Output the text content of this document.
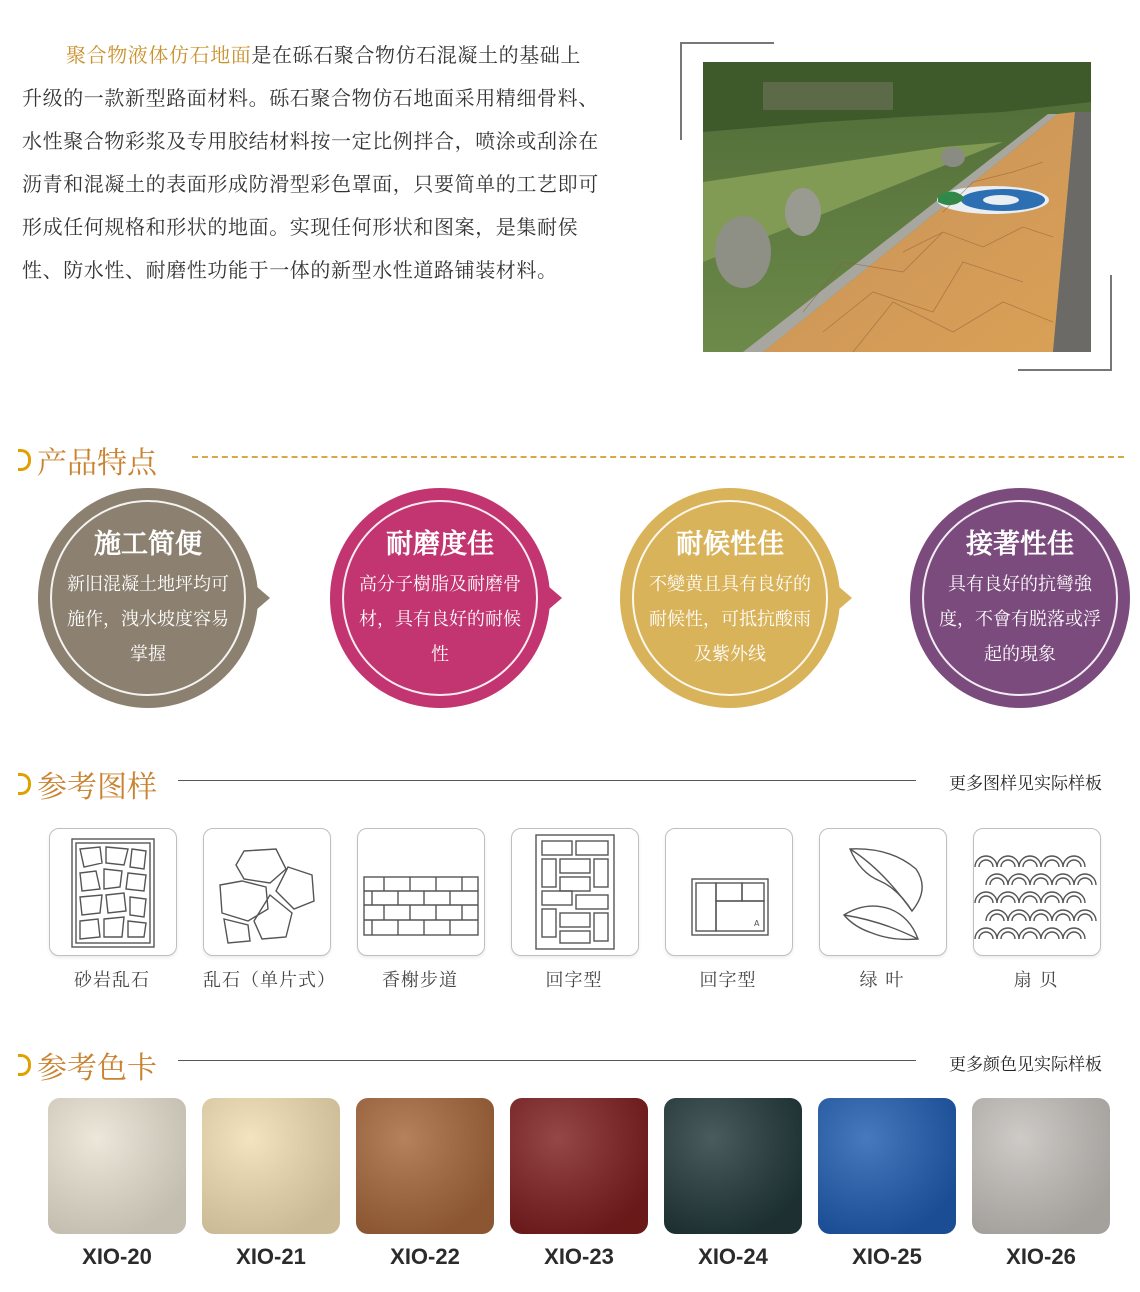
聚合物液体仿石地面是在砾石聚合物仿石混凝土的基础上升级的一款新型路面材料。砾石聚合物仿石地面采用精细骨料、水性聚合物彩浆及专用胶结材料按一定比例拌合，喷涂或刮涂在沥青和混凝土的表面形成防滑型彩色罩面，只要简单的工艺即可形成任何规格和形状的地面。实现任何形状和图案，是集耐侯性、防水性、耐磨性功能于一体的新型水性道路铺装材料。
产品特点
施工简便
新旧混凝土地坪均可施作，洩水坡度容易掌握
耐磨度佳
高分子樹脂及耐磨骨材，具有良好的耐候性
耐候性佳
不變黄且具有良好的耐候性，可抵抗酸雨及紫外线
接著性佳
具有良好的抗彎強度，不會有脱落或浮起的現象
参考图样	更多图样见实际样板
砂岩乱石	乱石（单片式）	香榭步道	回字型
A
回字型	绿 叶	扇 贝
参考色卡	更多颜色见实际样板
XIO-20	XIO-21	XIO-22	XIO-23	XIO-24	XIO-25	XIO-26
